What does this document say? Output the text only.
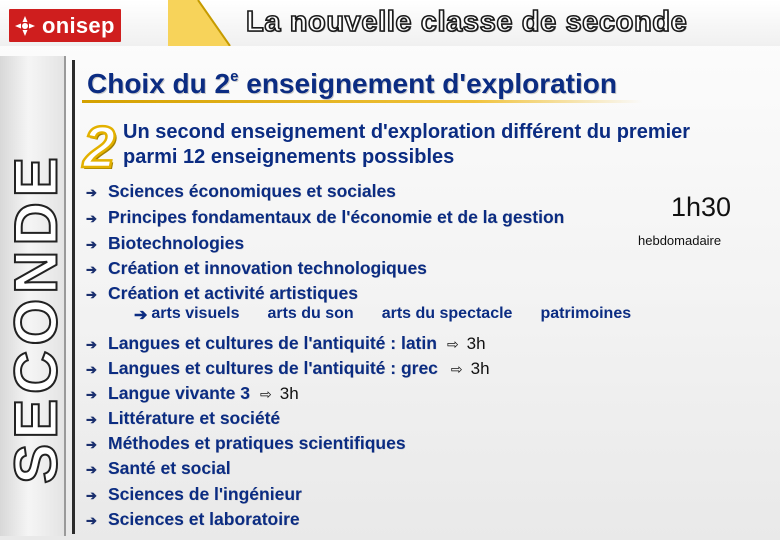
onisep	La nouvelle classe de seconde
SECONDE
Choix du 2e enseignement d'exploration
2 Un second enseignement d'exploration différent du premier
parmi 12 enseignements possibles
1h30
hebdomadaire
➔ Sciences économiques et sociales
➔ Principes fondamentaux de l'économie et de la gestion
➔ Biotechnologies
➔ Création et innovation technologiques
➔ Création et activité artistiques
➔ arts visuels arts du son arts du spectacle patrimoines
➔ Langues et cultures de l'antiquité : latin ⇨ 3h
➔ Langues et cultures de l'antiquité : grec ⇨ 3h
➔ Langue vivante 3 ⇨ 3h
➔ Littérature et société
➔ Méthodes et pratiques scientifiques
➔ Santé et social
➔ Sciences de l'ingénieur
➔ Sciences et laboratoire
